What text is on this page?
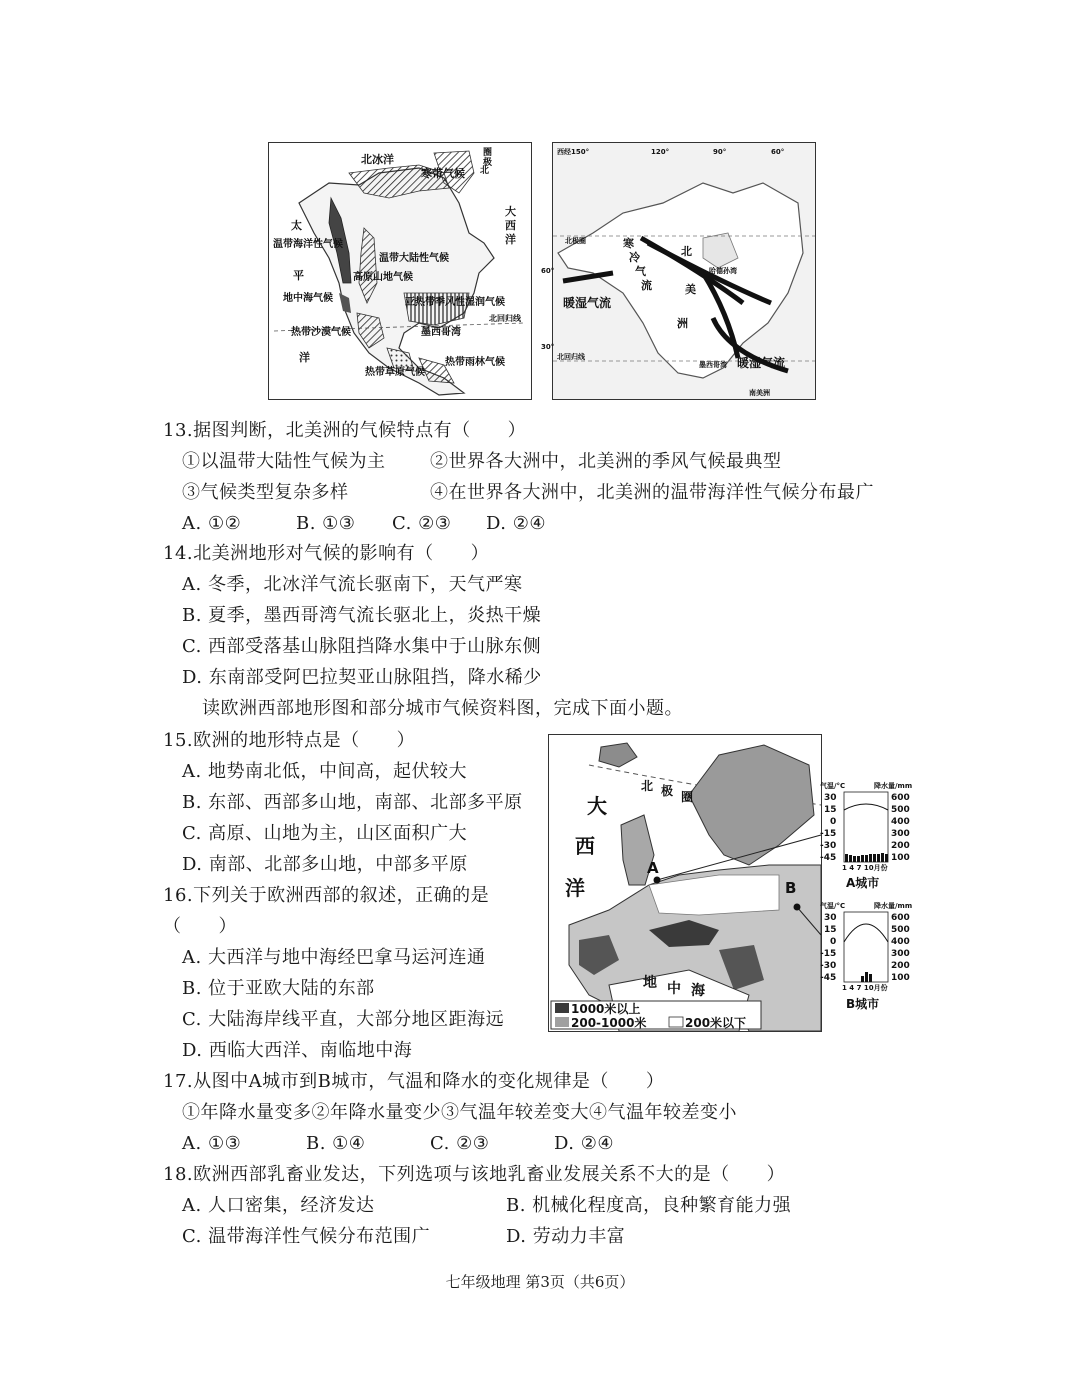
北冰洋
寒带气候 北
圈
极
大
西
洋
太
温带海洋性气候
温带大陆性气候
高原山地气候
平
地中海气候	亚热带季风性湿润气候
北回归线
墨西哥湾
热带沙漠气候
洋	热带雨林气候
热带草原气候
西经150°	120°	90°	60°
北极圈
60°
寒
冷
气
流
北
美
洲
哈德孙湾
暖湿气流
暖湿气流
墨西哥湾
30°
北回归线
南美洲
13.据图判断，北美洲的气候特点有（　　）
①以温带大陆性气候为主 ②世界各大洲中，北美洲的季风气候最典型
③气候类型复杂多样	④在世界各大洲中，北美洲的温带海洋性气候分布最广
A. ①②	B. ①③ C. ②③ D. ②④
14.北美洲地形对气候的影响有（　　）
A. 冬季，北冰洋气流长驱南下，天气严寒
B. 夏季，墨西哥湾气流长驱北上，炎热干燥
C. 西部受落基山脉阻挡降水集中于山脉东侧
D. 东南部受阿巴拉契亚山脉阻挡，降水稀少
读欧洲西部地形图和部分城市气候资料图，完成下面小题。
北 极 圈
大
西
洋
A
B
地 中 海
1000米以上
200-1000米	200米以下
气温/°C	降水量/mm
30
15
0
-15
-30
-45
600
500
400
300
200
100
1 4 7 10月份
A城市
气温/°C	降水量/mm
30
15
0
-15
-30
-45
600
500
400
300
200
100
1 4 7 10月份
B城市
15.欧洲的地形特点是（　　）
A. 地势南北低，中间高，起伏较大
B. 东部、西部多山地，南部、北部多平原
C. 高原、山地为主，山区面积广大
D. 南部、北部多山地，中部多平原
16.下列关于欧洲西部的叙述，正确的是
（　　）
A. 大西洋与地中海经巴拿马运河连通
B. 位于亚欧大陆的东部
C. 大陆海岸线平直，大部分地区距海远
D. 西临大西洋、南临地中海
17.从图中A城市到B城市，气温和降水的变化规律是（　　）
①年降水量变多②年降水量变少③气温年较差变大④气温年较差变小
A. ①③	B. ①④	C. ②③	D. ②④
18.欧洲西部乳畜业发达，下列选项与该地乳畜业发展关系不大的是（　　）
A. 人口密集，经济发达	B. 机械化程度高，良种繁育能力强
C. 温带海洋性气候分布范围广	D. 劳动力丰富
七年级地理 第3页（共6页）
